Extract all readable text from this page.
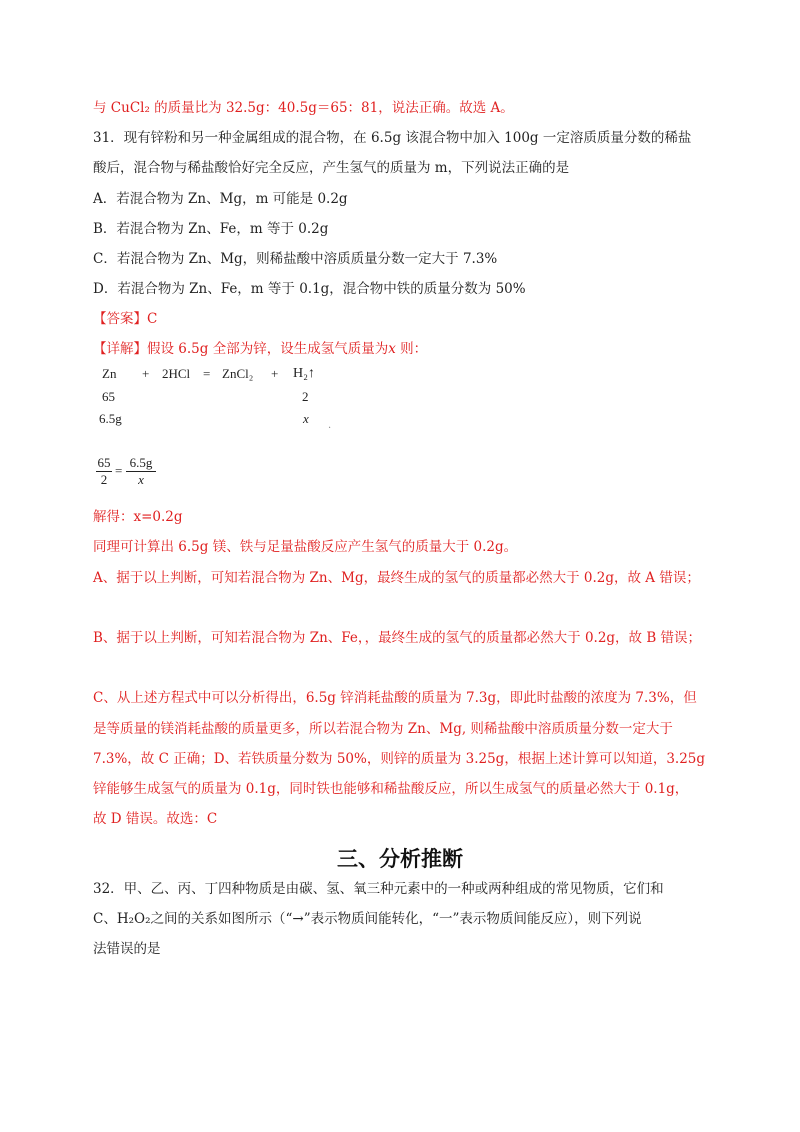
与 CuCl₂ 的质量比为 32.5g：40.5g＝65：81，说法正确。故选 A。
31．现有锌粉和另一种金属组成的混合物，在 6.5g 该混合物中加入 100g 一定溶质质量分数的稀盐
酸后，混合物与稀盐酸恰好完全反应，产生氢气的质量为 m，下列说法正确的是
A．若混合物为 Zn、Mg，m 可能是 0.2g
B．若混合物为 Zn、Fe，m 等于 0.2g
C．若混合物为 Zn、Mg，则稀盐酸中溶质质量分数一定大于 7.3%
D．若混合物为 Zn、Fe，m 等于 0.1g，混合物中铁的质量分数为 50%
【答案】C
【详解】假设 6.5g 全部为锌，设生成氢气质量为x 则：
Zn + 2HCl = ZnCl₂ + H₂↑
65	2
6.5g	x .
65
2
=
6.5g
x
解得：x=0.2g
同理可计算出 6.5g 镁、铁与足量盐酸反应产生氢气的质量大于 0.2g。
A、据于以上判断，可知若混合物为 Zn、Mg，最终生成的氢气的质量都必然大于 0.2g，故 A 错误；
B、据于以上判断，可知若混合物为 Zn、Fe，，最终生成的氢气的质量都必然大于 0.2g，故 B 错误；
C、从上述方程式中可以分析得出，6.5g 锌消耗盐酸的质量为 7.3g，即此时盐酸的浓度为 7.3%，但
是等质量的镁消耗盐酸的质量更多，所以若混合物为 Zn、Mg, 则稀盐酸中溶质质量分数一定大于
7.3%，故 C 正确；D、若铁质量分数为 50%，则锌的质量为 3.25g，根据上述计算可以知道，3.25g
锌能够生成氢气的质量为 0.1g，同时铁也能够和稀盐酸反应，所以生成氢气的质量必然大于 0.1g，
故 D 错误。故选：C
三、分析推断
32．甲、乙、丙、丁四种物质是由碳、氢、氧三种元素中的一种或两种组成的常见物质，它们和
C、H₂O₂之间的关系如图所示（“→”表示物质间能转化，“一”表示物质间能反应），则下列说
法错误的是
